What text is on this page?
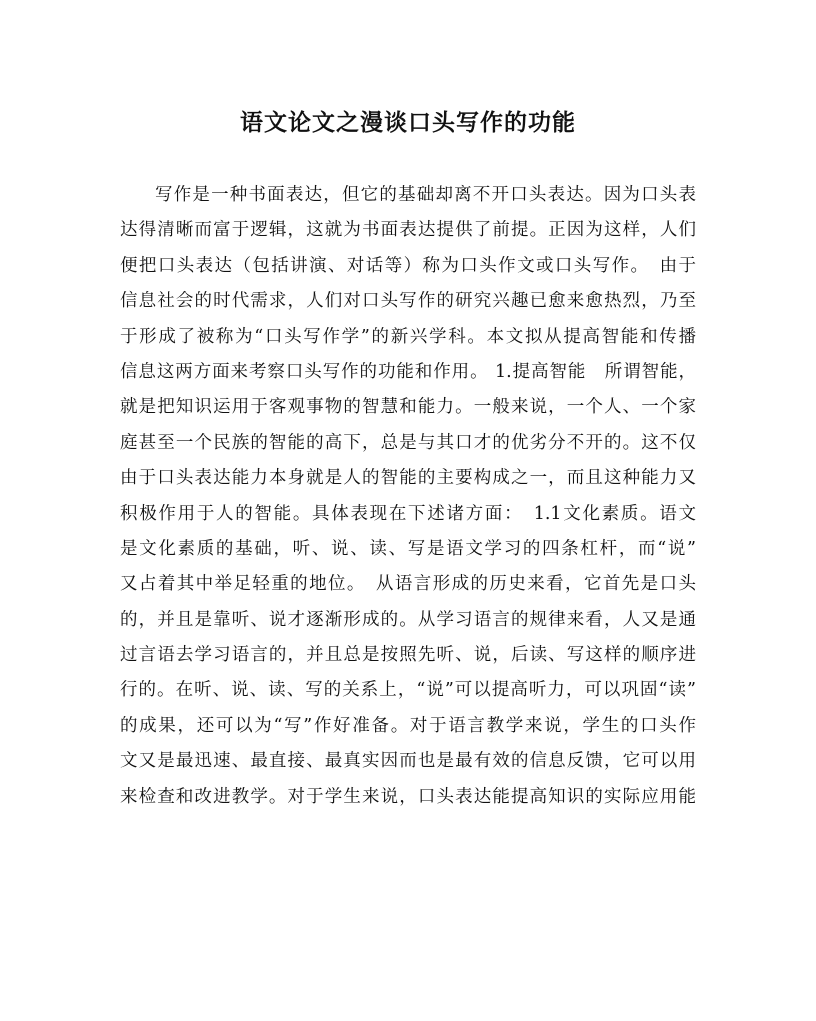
语文论文之漫谈口头写作的功能
写作是一种书面表达，但它的基础却离不开口头表达。因为口头表
达得清晰而富于逻辑，这就为书面表达提供了前提。正因为这样，人们
便把口头表达（包括讲演、对话等）称为口头作文或口头写作。　由于
信息社会的时代需求，人们对口头写作的研究兴趣已愈来愈热烈，乃至
于形成了被称为“口头写作学”的新兴学科。本文拟从提高智能和传播
信息这两方面来考察口头写作的功能和作用。 1.提高智能　所谓智能，
就是把知识运用于客观事物的智慧和能力。一般来说，一个人、一个家
庭甚至一个民族的智能的高下，总是与其口才的优劣分不开的。这不仅
由于口头表达能力本身就是人的智能的主要构成之一，而且这种能力又
积极作用于人的智能。具体表现在下述诸方面：　1.1文化素质。语文
是文化素质的基础，听、说、读、写是语文学习的四条杠杆，而“说”
又占着其中举足轻重的地位。　从语言形成的历史来看，它首先是口头
的，并且是靠听、说才逐渐形成的。从学习语言的规律来看，人又是通
过言语去学习语言的，并且总是按照先听、说，后读、写这样的顺序进
行的。在听、说、读、写的关系上，“说”可以提高听力，可以巩固“读”
的成果，还可以为“写”作好准备。对于语言教学来说，学生的口头作
文又是最迅速、最直接、最真实因而也是最有效的信息反馈，它可以用
来检查和改进教学。对于学生来说，口头表达能提高知识的实际应用能
